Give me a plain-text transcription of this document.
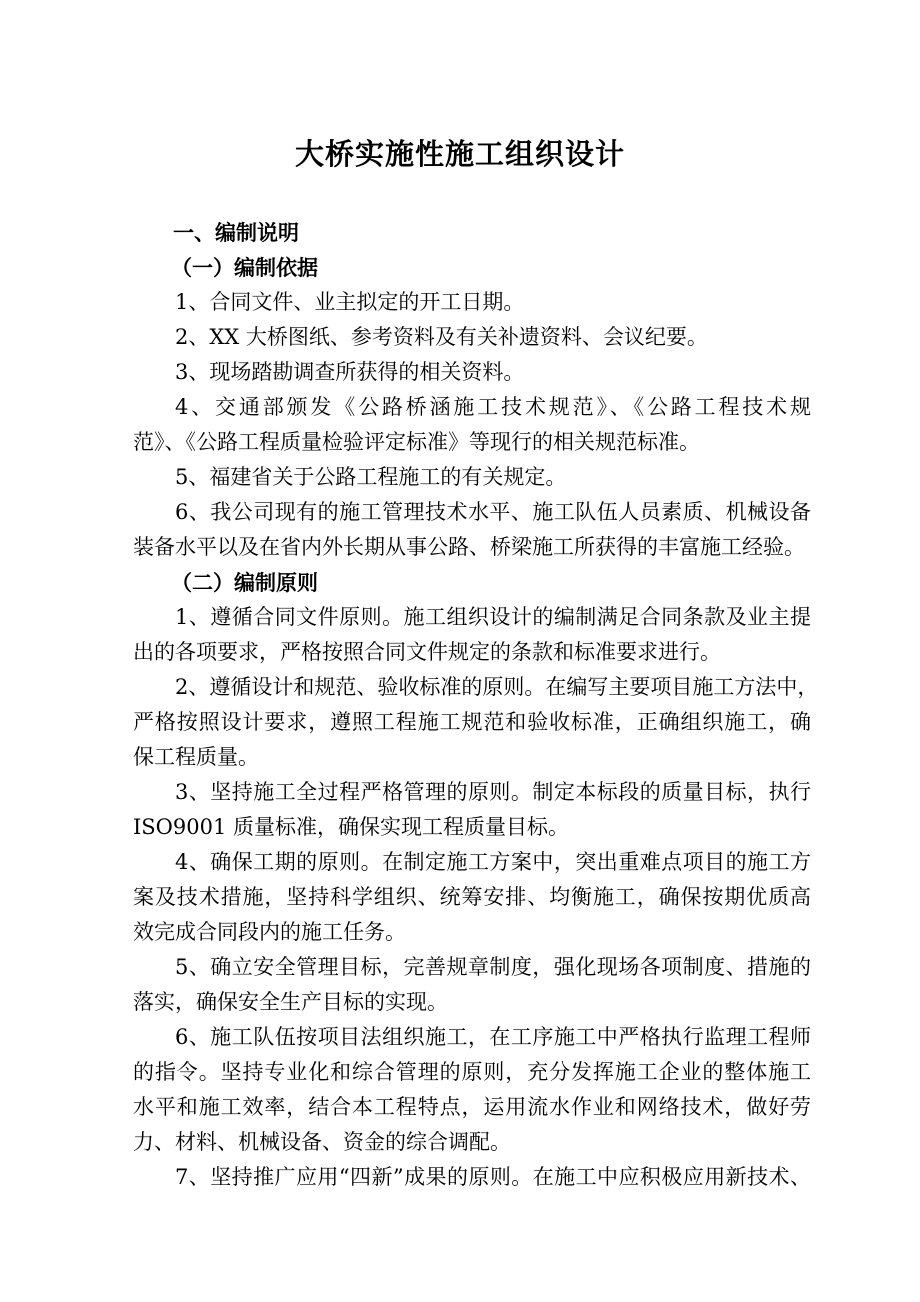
大桥实施性施工组织设计
一、编制说明
（一）编制依据
1、合同文件、业主拟定的开工日期。
2、XX 大桥图纸、参考资料及有关补遗资料、会议纪要。
3、现场踏勘调查所获得的相关资料。
4、交通部颁发《公路桥涵施工技术规范》、《公路工程技术规
范》、《公路工程质量检验评定标准》等现行的相关规范标准。
5、福建省关于公路工程施工的有关规定。
6、我公司现有的施工管理技术水平、施工队伍人员素质、机械设备
装备水平以及在省内外长期从事公路、桥梁施工所获得的丰富施工经验。
（二）编制原则
1、遵循合同文件原则。施工组织设计的编制满足合同条款及业主提
出的各项要求，严格按照合同文件规定的条款和标准要求进行。
2、遵循设计和规范、验收标准的原则。在编写主要项目施工方法中，
严格按照设计要求，遵照工程施工规范和验收标准，正确组织施工，确
保工程质量。
3、坚持施工全过程严格管理的原则。制定本标段的质量目标，执行
ISO9001 质量标准，确保实现工程质量目标。
4、确保工期的原则。在制定施工方案中，突出重难点项目的施工方
案及技术措施，坚持科学组织、统筹安排、均衡施工，确保按期优质高
效完成合同段内的施工任务。
5、确立安全管理目标，完善规章制度，强化现场各项制度、措施的
落实，确保安全生产目标的实现。
6、施工队伍按项目法组织施工，在工序施工中严格执行监理工程师
的指令。坚持专业化和综合管理的原则，充分发挥施工企业的整体施工
水平和施工效率，结合本工程特点，运用流水作业和网络技术，做好劳
力、材料、机械设备、资金的综合调配。
7、坚持推广应用“四新”成果的原则。在施工中应积极应用新技术、
